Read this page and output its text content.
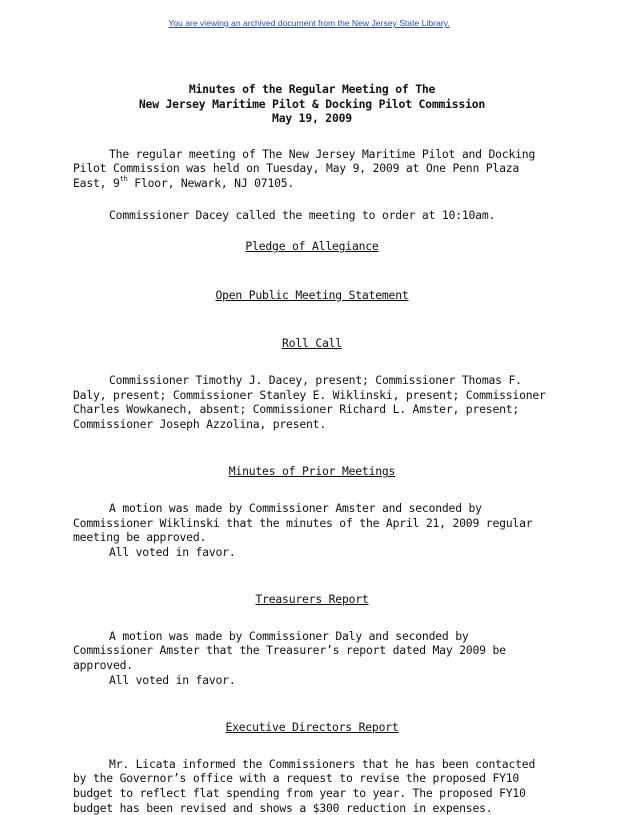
You are viewing an archived document from the New Jersey State Library.
Minutes of the Regular Meeting of The
New Jersey Maritime Pilot & Docking Pilot Commission
May 19, 2009

The regular meeting of The New Jersey Maritime Pilot and Docking Pilot Commission was held on Tuesday, May 9, 2009 at One Penn Plaza East, 9th Floor, Newark, NJ 07105.

Commissioner Dacey called the meeting to order at 10:10am.

Pledge of Allegiance
Open Public Meeting Statement
Roll Call

Commissioner Timothy J. Dacey, present; Commissioner Thomas F. Daly, present; Commissioner Stanley E. Wiklinski, present; Commissioner Charles Wowkanech, absent; Commissioner Richard L. Amster, present; Commissioner Joseph Azzolina, present.

Minutes of Prior Meetings

A motion was made by Commissioner Amster and seconded by Commissioner Wiklinski that the minutes of the April 21, 2009 regular meeting be approved.

All voted in favor.

Treasurers Report

A motion was made by Commissioner Daly and seconded by Commissioner Amster that the Treasurer’s report dated May 2009 be approved.

All voted in favor.

Executive Directors Report

Mr. Licata informed the Commissioners that he has been contacted by the Governor’s office with a request to revise the proposed FY10 budget to reflect flat spending from year to year. The proposed FY10 budget has been revised and shows a $300 reduction in expenses.
